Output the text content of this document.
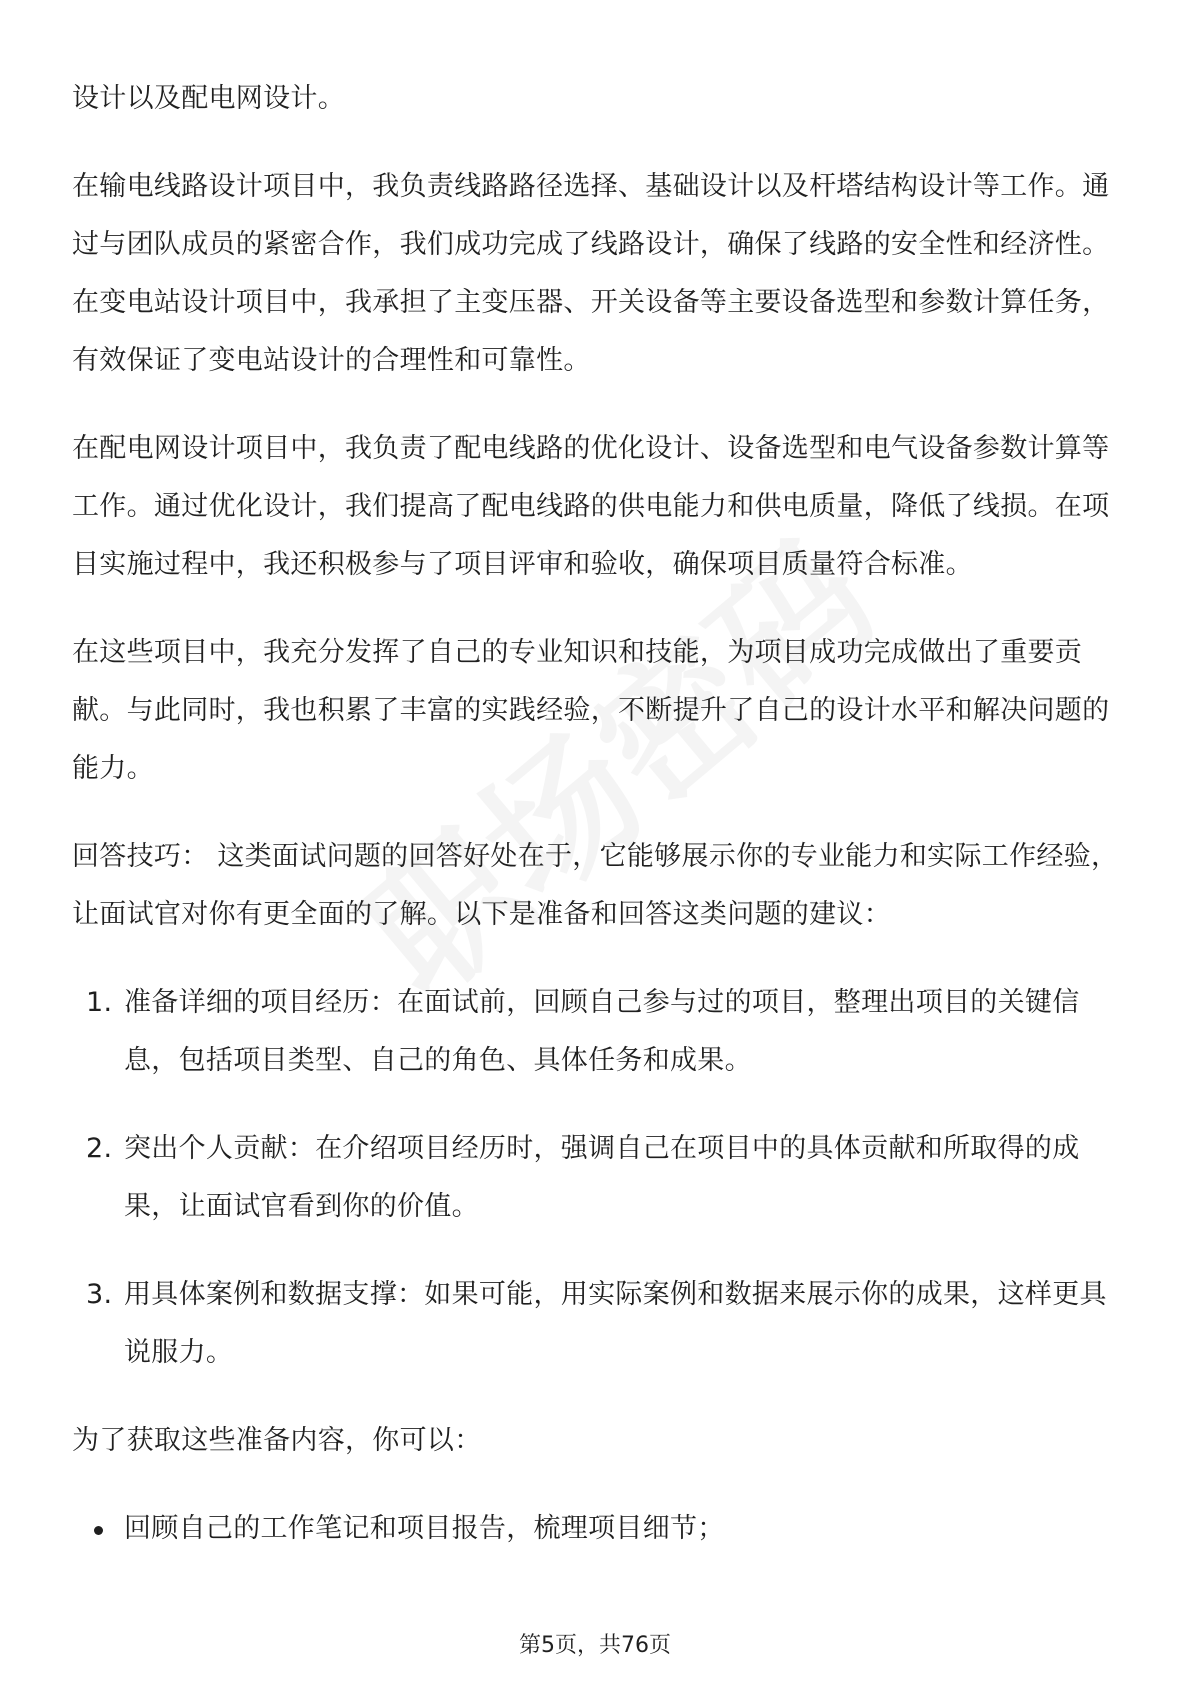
设计以及配电网设计。

在输电线路设计项目中，我负责线路路径选择、基础设计以及杆塔结构设计等工作。通过与团队成员的紧密合作，我们成功完成了线路设计，确保了线路的安全性和经济性。在变电站设计项目中，我承担了主变压器、开关设备等主要设备选型和参数计算任务，有效保证了变电站设计的合理性和可靠性。

在配电网设计项目中，我负责了配电线路的优化设计、设备选型和电气设备参数计算等工作。通过优化设计，我们提高了配电线路的供电能力和供电质量，降低了线损。在项目实施过程中，我还积极参与了项目评审和验收，确保项目质量符合标准。

在这些项目中，我充分发挥了自己的专业知识和技能，为项目成功完成做出了重要贡献。与此同时，我也积累了丰富的实践经验，不断提升了自己的设计水平和解决问题的能力。

回答技巧： 这类面试问题的回答好处在于，它能够展示你的专业能力和实际工作经验，让面试官对你有更全面的了解。以下是准备和回答这类问题的建议：

1. 准备详细的项目经历：在面试前，回顾自己参与过的项目，整理出项目的关键信息，包括项目类型、自己的角色、具体任务和成果。
2. 突出个人贡献：在介绍项目经历时，强调自己在项目中的具体贡献和所取得的成果，让面试官看到你的价值。
3. 用具体案例和数据支撑：如果可能，用实际案例和数据来展示你的成果，这样更具说服力。

为了获取这些准备内容，你可以：

回顾自己的工作笔记和项目报告，梳理项目细节；
第5页，共76页
